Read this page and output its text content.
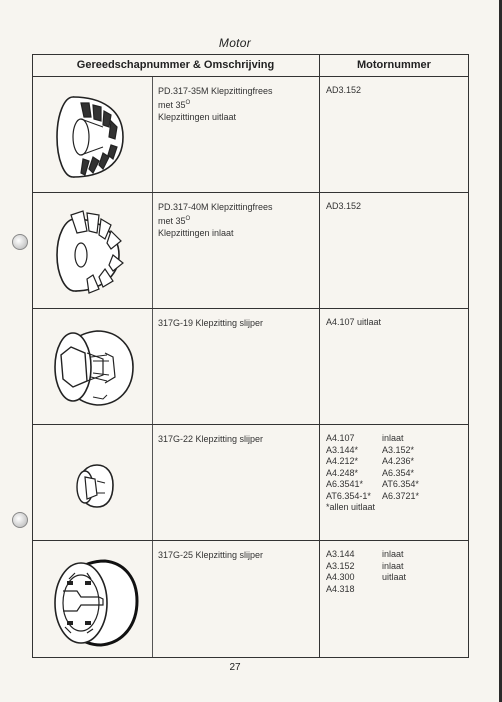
Motor
Gereedschapnummer & Omschrijving	Motornummer
PD.317-35M Klepzittingfrees
met $35^O$
Klepzittingen uitlaat
AD3.152
PD.317-40M Klepzittingfrees
met $35^O$
Klepzittingen inlaat
AD3.152
317G-19 Klepzitting slijper	A4.107 uitlaat
317G-22 Klepzitting slijper	A4.107	inlaat
A3.144*	A3.152*
A4.212*	A4.236*
A4.248*	A6.354*
A6.3541*	AT6.354*
AT6.354-1*	A6.3721*
*allen uitlaat
317G-25 Klepzitting slijper	A3.144	inlaat
A3.152	inlaat
A4.300	uitlaat
A4.318
27
